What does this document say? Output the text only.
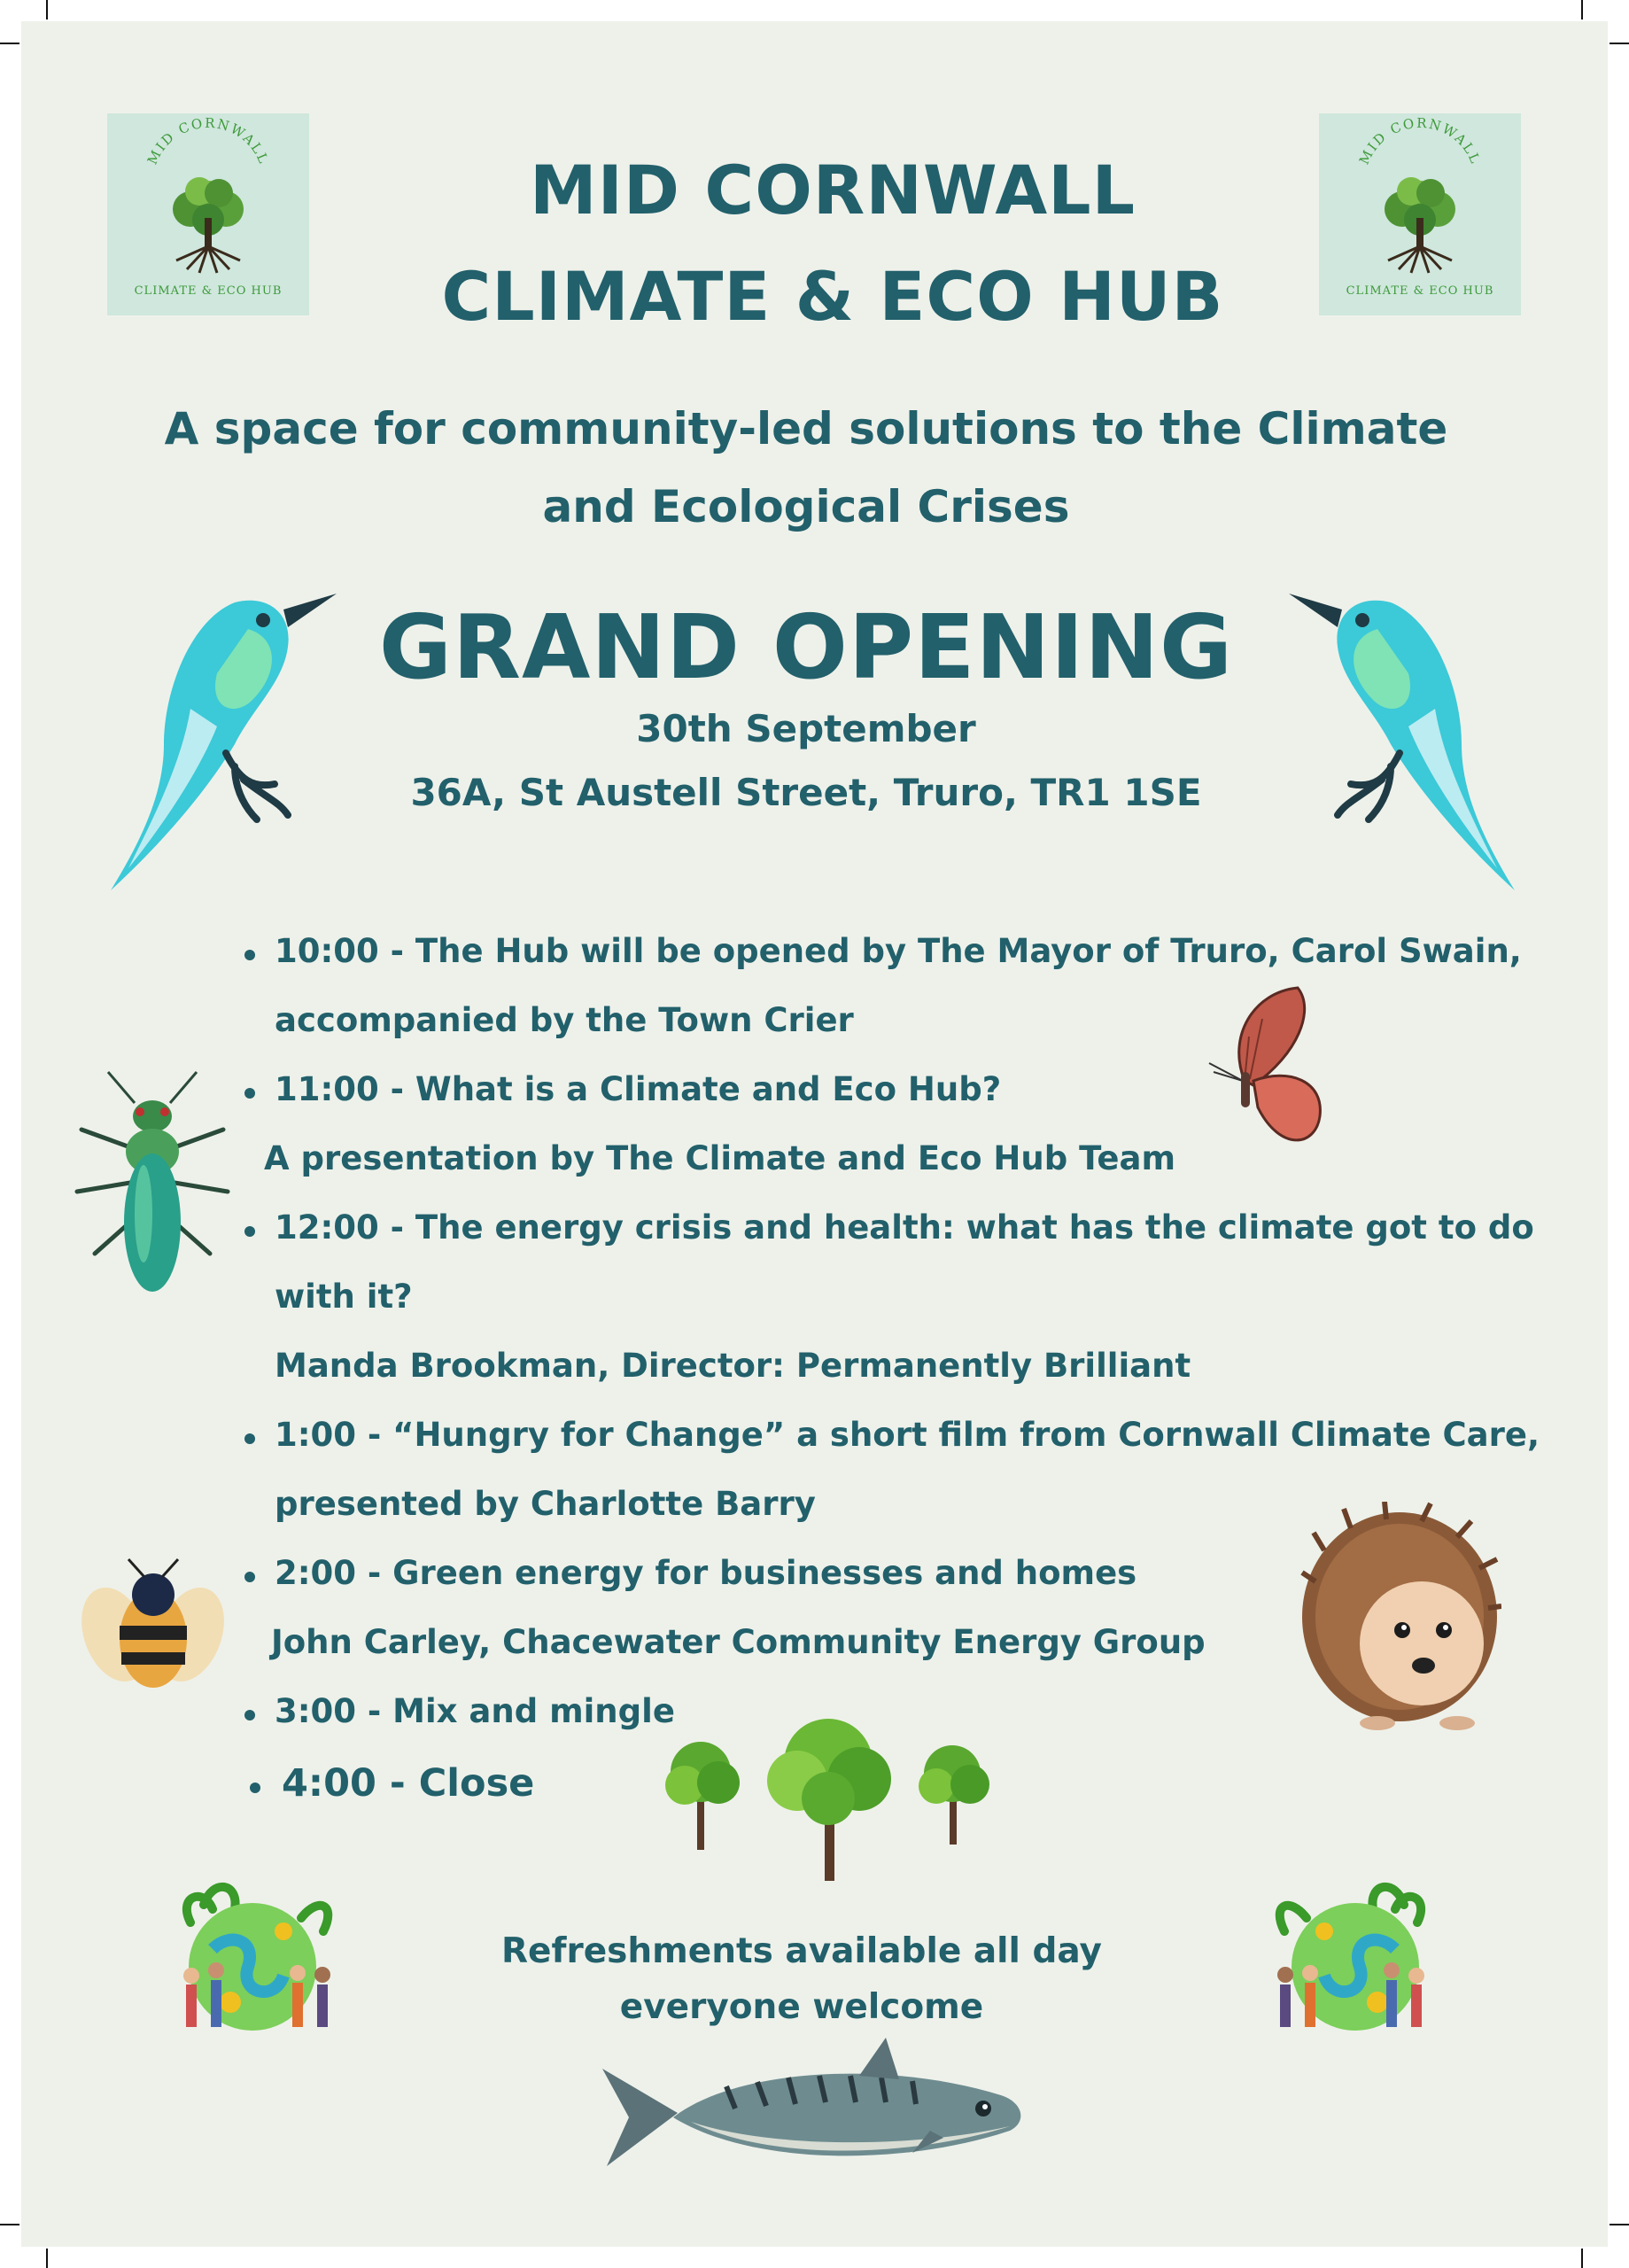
MID CORNWALL
CLIMATE & ECO HUB
MID CORNWALL
CLIMATE & ECO HUB
MID CORNWALL
CLIMATE & ECO HUB
A space for community-led solutions to the Climate
and Ecological Crises
GRAND OPENING
30th September
36A, St Austell Street, Truro, TR1 1SE
10:00 - The Hub will be opened by The Mayor of Truro, Carol Swain,
accompanied by the Town Crier
11:00 - What is a Climate and Eco Hub?
A presentation by The Climate and Eco Hub Team
12:00 - The energy crisis and health: what has the climate got to do
with it?
Manda Brookman, Director: Permanently Brilliant
1:00 - “Hungry for Change” a short film from Cornwall Climate Care,
presented by Charlotte Barry
2:00 - Green energy for businesses and homes
John Carley, Chacewater Community Energy Group
3:00 - Mix and mingle
4:00 - Close
Refreshments available all day
everyone welcome
